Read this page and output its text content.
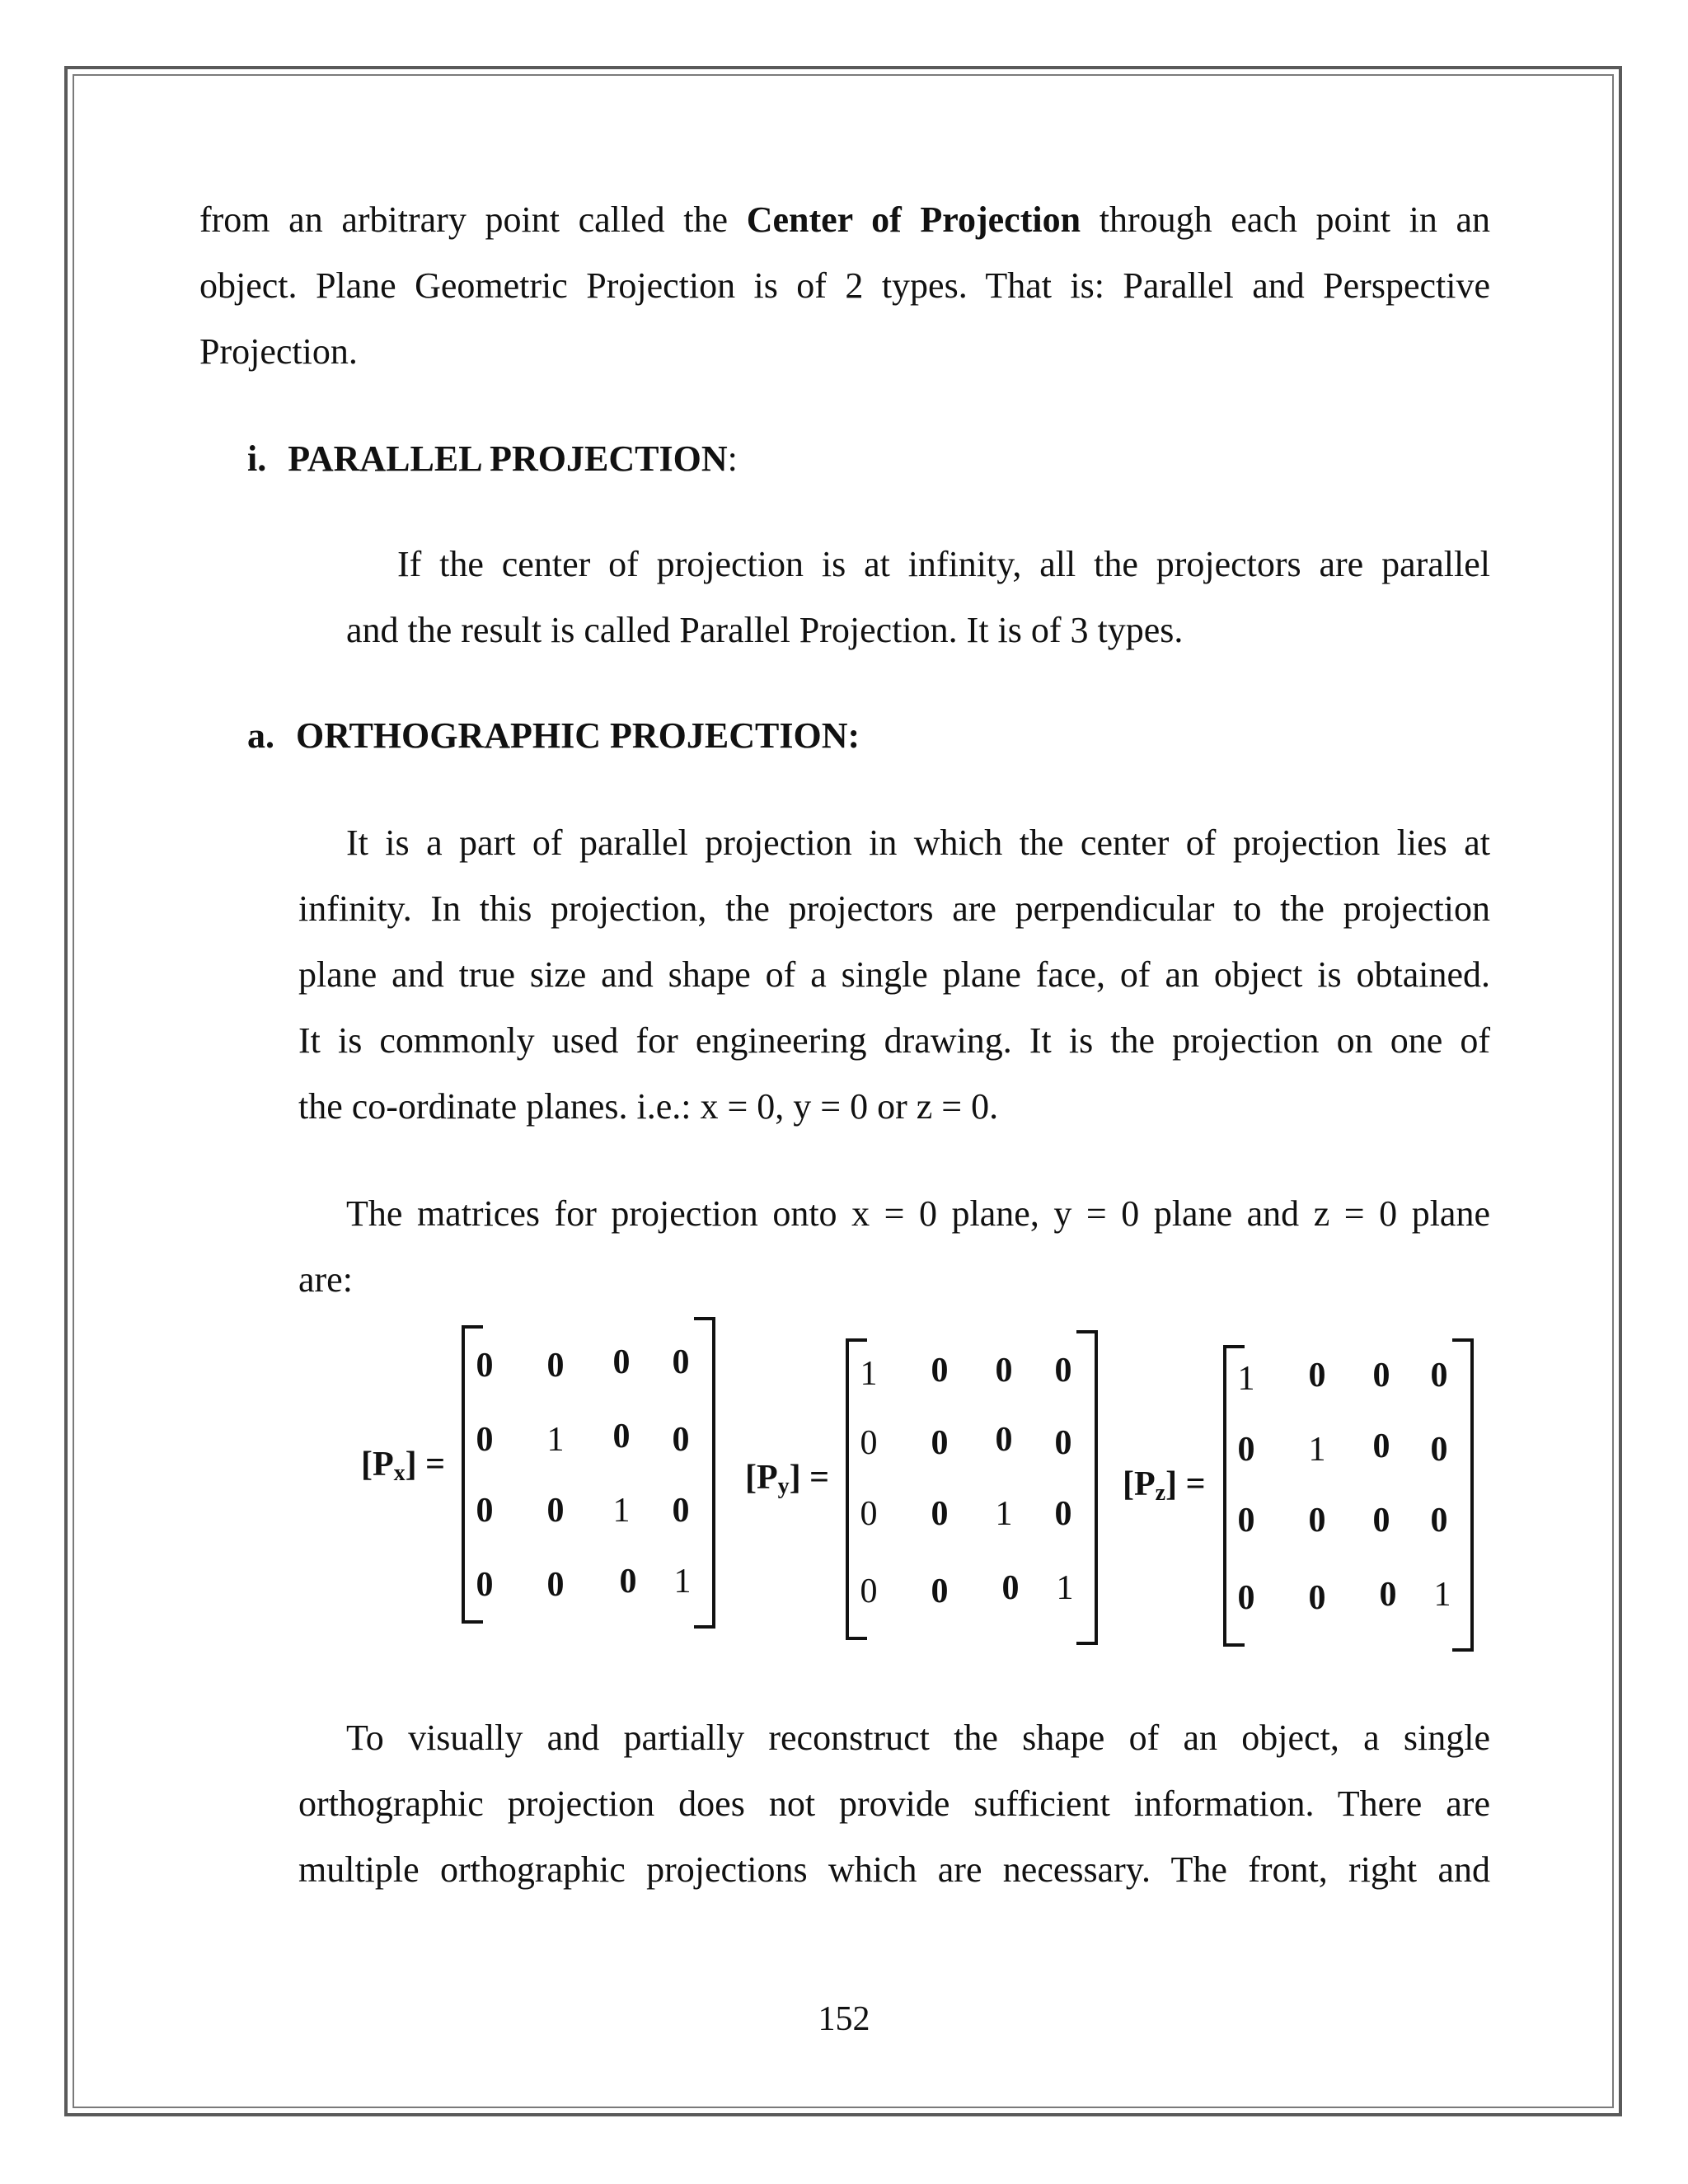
from an arbitrary point called the Center of Projection through each point in an
object. Plane Geometric Projection is of 2 types. That is: Parallel and Perspective
Projection.
i. PARALLEL PROJECTION:
If the center of projection is at infinity, all the projectors are parallel
and the result is called Parallel Projection. It is of 3 types.
a. ORTHOGRAPHIC PROJECTION:
It is a part of parallel projection in which the center of projection lies at
infinity. In this projection, the projectors are perpendicular to the projection
plane and true size and shape of a single plane face, of an object is obtained.
It is commonly used for engineering drawing. It is the projection on one of
the co-ordinate planes. i.e.: x = 0, y = 0 or z = 0.
The matrices for projection onto x = 0 plane, y = 0 plane and z = 0 plane
are:
$[P_x]$ =
0 0 0 0
0 1 0 0
0 0 1 0
0 0 0 1
$[P_y]$ =
1 0 0 0
0 0 0 0
0 0 1 0
0 0 0 1
$[P_z]$ =
1 0 0 0
0 1 0 0
0 0 0 0
0 0 0 1
To visually and partially reconstruct the shape of an object, a single
orthographic projection does not provide sufficient information. There are
multiple orthographic projections which are necessary. The front, right and
152
